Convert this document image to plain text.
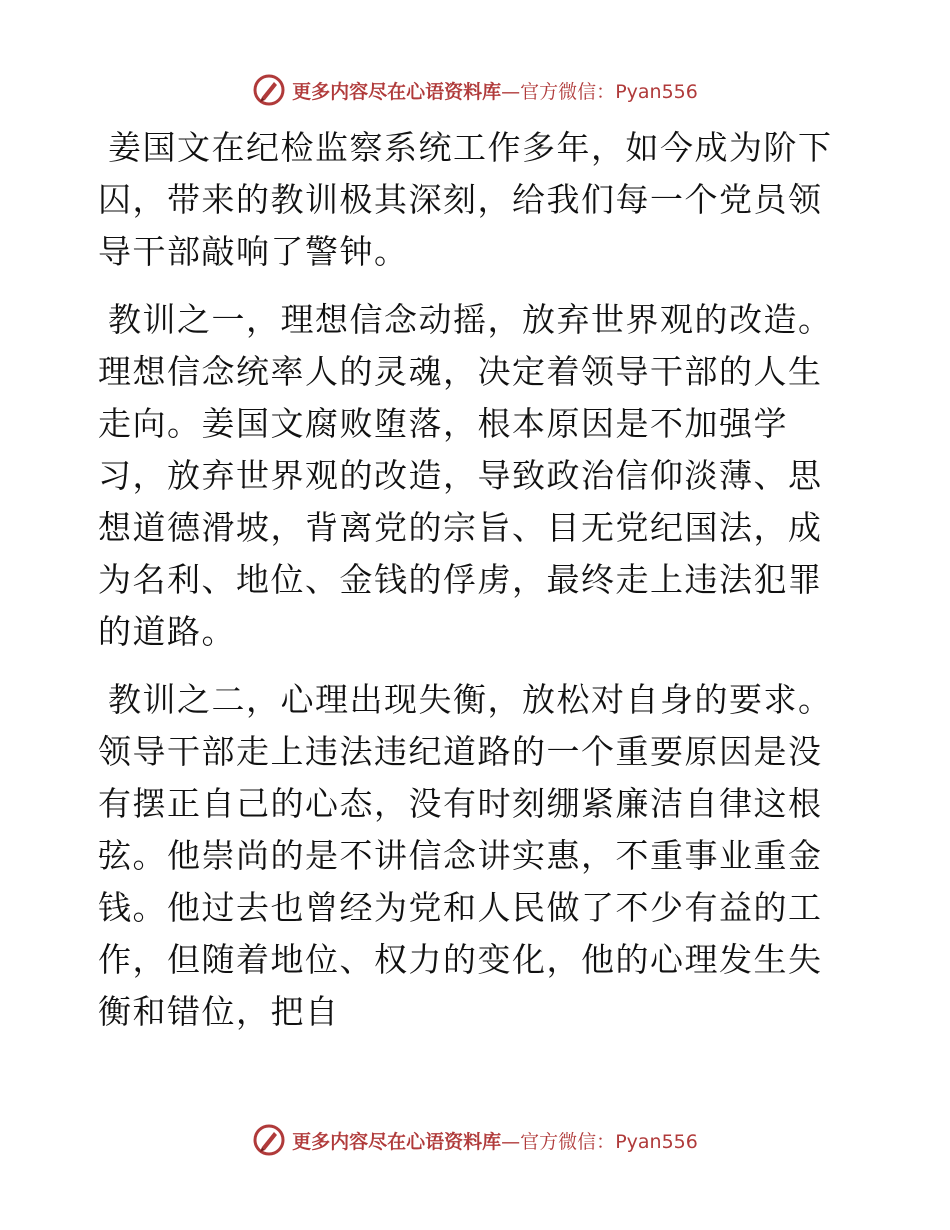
更多内容尽在心语资料库—官方微信：Pyan556

姜国文在纪检监察系统工作多年，如今成为阶下囚，带来的教训极其深刻，给我们每一个党员领导干部敲响了警钟。

教训之一，理想信念动摇，放弃世界观的改造。理想信念统率人的灵魂，决定着领导干部的人生走向。姜国文腐败堕落，根本原因是不加强学习，放弃世界观的改造，导致政治信仰淡薄、思想道德滑坡，背离党的宗旨、目无党纪国法，成为名利、地位、金钱的俘虏，最终走上违法犯罪的道路。

教训之二，心理出现失衡，放松对自身的要求。领导干部走上违法违纪道路的一个重要原因是没有摆正自己的心态，没有时刻绷紧廉洁自律这根弦。他崇尚的是不讲信念讲实惠，不重事业重金钱。他过去也曾经为党和人民做了不少有益的工作，但随着地位、权力的变化，他的心理发生失衡和错位，把自

更多内容尽在心语资料库—官方微信：Pyan556
